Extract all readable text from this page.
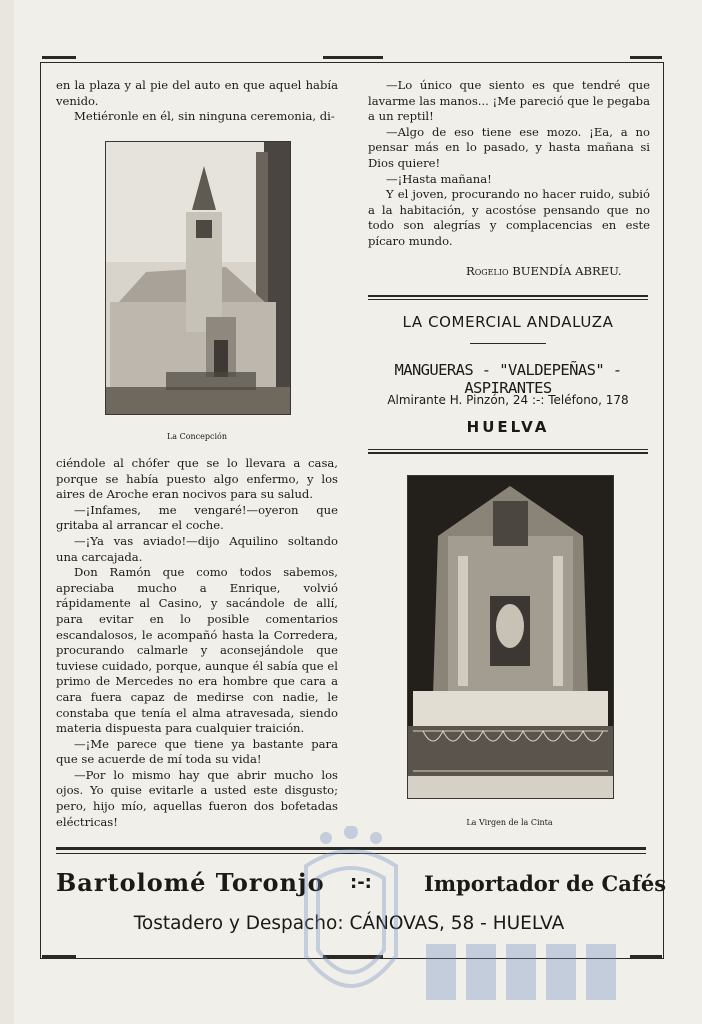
en la plaza y al pie del auto en que aquel había venido.

Metiéronle en él, sin ninguna ceremonia, di-

La Concepción

ciéndole al chófer que se lo llevara a casa, porque se había puesto algo enfermo, y los aires de Aroche eran nocivos para su salud.

—¡Infames, me vengaré!—oyeron que gritaba al arrancar el coche.

—¡Ya vas aviado!—dijo Aquilino soltando una carcajada.

Don Ramón que como todos sabemos, apreciaba mucho a Enrique, volvió rápidamente al Casino, y sacándole de allí, para evitar en lo posible comentarios escandalosos, le acompañó hasta la Corredera, procurando calmarle y aconsejándole que tuviese cuidado, porque, aunque él sabía que el primo de Mercedes no era hombre que cara a cara fuera capaz de medirse con nadie, le constaba que tenía el alma atravesada, siendo materia dispuesta para cualquier traición.

—¡Me parece que tiene ya bastante para que se acuerde de mí toda su vida!

—Por lo mismo hay que abrir mucho los ojos. Yo quise evitarle a usted este disgusto; pero, hijo mío, aquellas fueron dos bofetadas eléctricas!

—Lo único que siento es que tendré que lavarme las manos... ¡Me pareció que le pegaba a un reptil!

—Algo de eso tiene ese mozo. ¡Ea, a no pensar más en lo pasado, y hasta mañana si Dios quiere!

—¡Hasta mañana!

Y el joven, procurando no hacer ruido, subió a la habitación, y acostóse pensando que no todo son alegrías y complacencias en este pícaro mundo.

Rogelio BUENDÍA ABREU.
LA COMERCIAL ANDALUZA
MANGUERAS - "VALDEPEÑAS" - ASPIRANTES
Almirante H. Pinzón, 24 :-: Teléfono, 178
HUELVA
La Virgen de la Cinta
Bartolomé Toronjo :-: Importador de Cafés
Tostadero y Despacho: CÁNOVAS, 58 - HUELVA
